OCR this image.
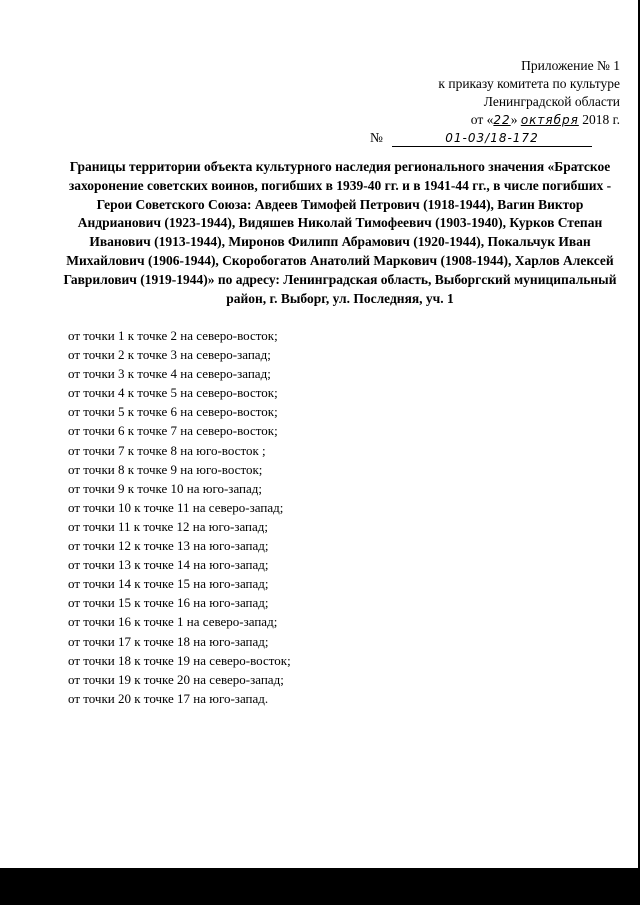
Приложение № 1
к приказу комитета по культуре
Ленинградской области
от «22» октября 2018 г.
№	01-03/18-172
Границы территории объекта культурного наследия регионального значения «Братское захоронение советских воинов, погибших в 1939-40 гг. и в 1941-44 гг., в числе погибших - Герои Советского Союза: Авдеев Тимофей Петрович (1918-1944), Вагин Виктор Андрианович (1923-1944), Видяшев Николай Тимофеевич (1903-1940), Курков Степан Иванович (1913-1944), Миронов Филипп Абрамович (1920-1944), Покальчук Иван Михайлович (1906-1944), Скоробогатов Анатолий Маркович (1908-1944), Харлов Алексей Гаврилович (1919-1944)» по адресу: Ленинградская область, Выборгский муниципальный район, г. Выборг, ул. Последняя, уч. 1
от точки 1 к точке 2 на северо-восток;
от точки 2 к точке 3 на северо-запад;
от точки 3 к точке 4 на северо-запад;
от точки 4 к точке 5 на северо-восток;
от точки 5 к точке 6 на северо-восток;
от точки 6 к точке 7 на северо-восток;
от точки 7 к точке 8 на юго-восток ;
от точки 8 к точке 9 на юго-восток;
от точки 9 к точке 10 на юго-запад;
от точки 10 к точке 11 на северо-запад;
от точки 11 к точке 12 на юго-запад;
от точки 12 к точке 13 на юго-запад;
от точки 13 к точке 14 на юго-запад;
от точки 14 к точке 15 на юго-запад;
от точки 15 к точке 16 на юго-запад;
от точки 16 к точке 1 на северо-запад;
от точки 17 к точке 18 на юго-запад;
от точки 18 к точке 19 на северо-восток;
от точки 19 к точке 20 на северо-запад;
от точки 20 к точке 17 на юго-запад.
